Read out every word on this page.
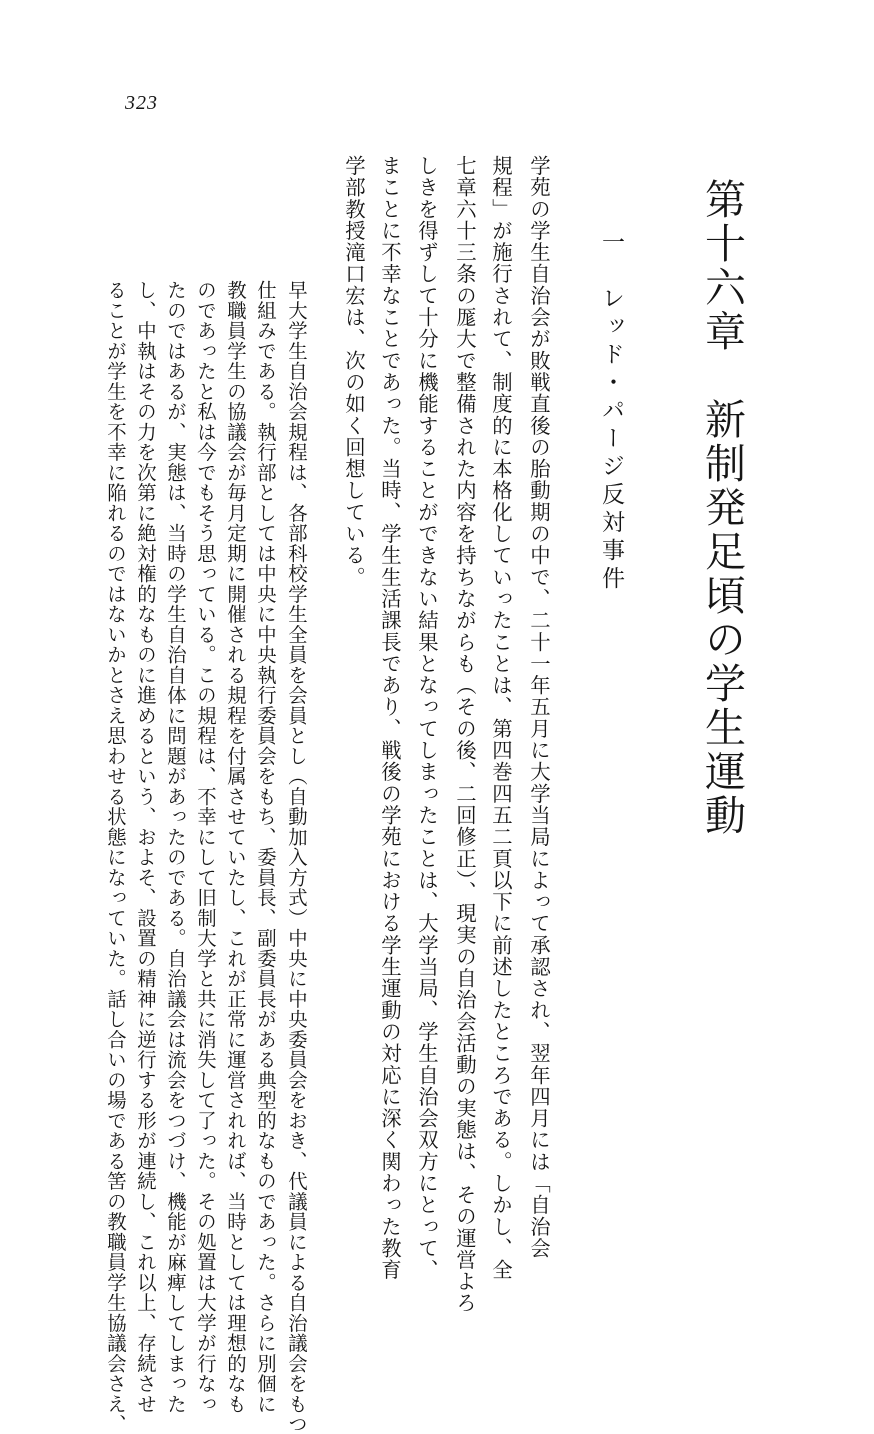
323
第十六章　新制発足頃の学生運動
一　レッド・パージ反対事件
学苑の学生自治会が敗戦直後の胎動期の中で、二十一年五月に大学当局によって承認され、翌年四月には「自治会
規程」が施行されて、制度的に本格化していったことは、第四巻四五二頁以下に前述したところである。しかし、全
七章六十三条の厖大で整備された内容を持ちながらも（その後、二回修正）、現実の自治会活動の実態は、その運営よろ
しきを得ずして十分に機能することができない結果となってしまったことは、大学当局、学生自治会双方にとって、
まことに不幸なことであった。当時、学生生活課長であり、戦後の学苑における学生運動の対応に深く関わった教育
学部教授滝口宏は、次の如く回想している。
早大学生自治会規程は、各部科校学生全員を会員とし（自動加入方式）中央に中央委員会をおき、代議員による自治議会をもつ
仕組みである。執行部としては中央に中央執行委員会をもち、委員長、副委員長がある典型的なものであった。さらに別個に
教職員学生の協議会が毎月定期に開催される規程を付属させていたし、これが正常に運営されれば、当時としては理想的なも
のであったと私は今でもそう思っている。この規程は、不幸にして旧制大学と共に消失して了った。その処置は大学が行なっ
たのではあるが、実態は、当時の学生自治自体に問題があったのである。自治議会は流会をつづけ、機能が麻痺してしまった
し、中執はその力を次第に絶対権的なものに進めるという、およそ、設置の精神に逆行する形が連続し、これ以上、存続させ
ることが学生を不幸に陥れるのではないかとさえ思わせる状態になっていた。話し合いの場である筈の教職員学生協議会さえ、
